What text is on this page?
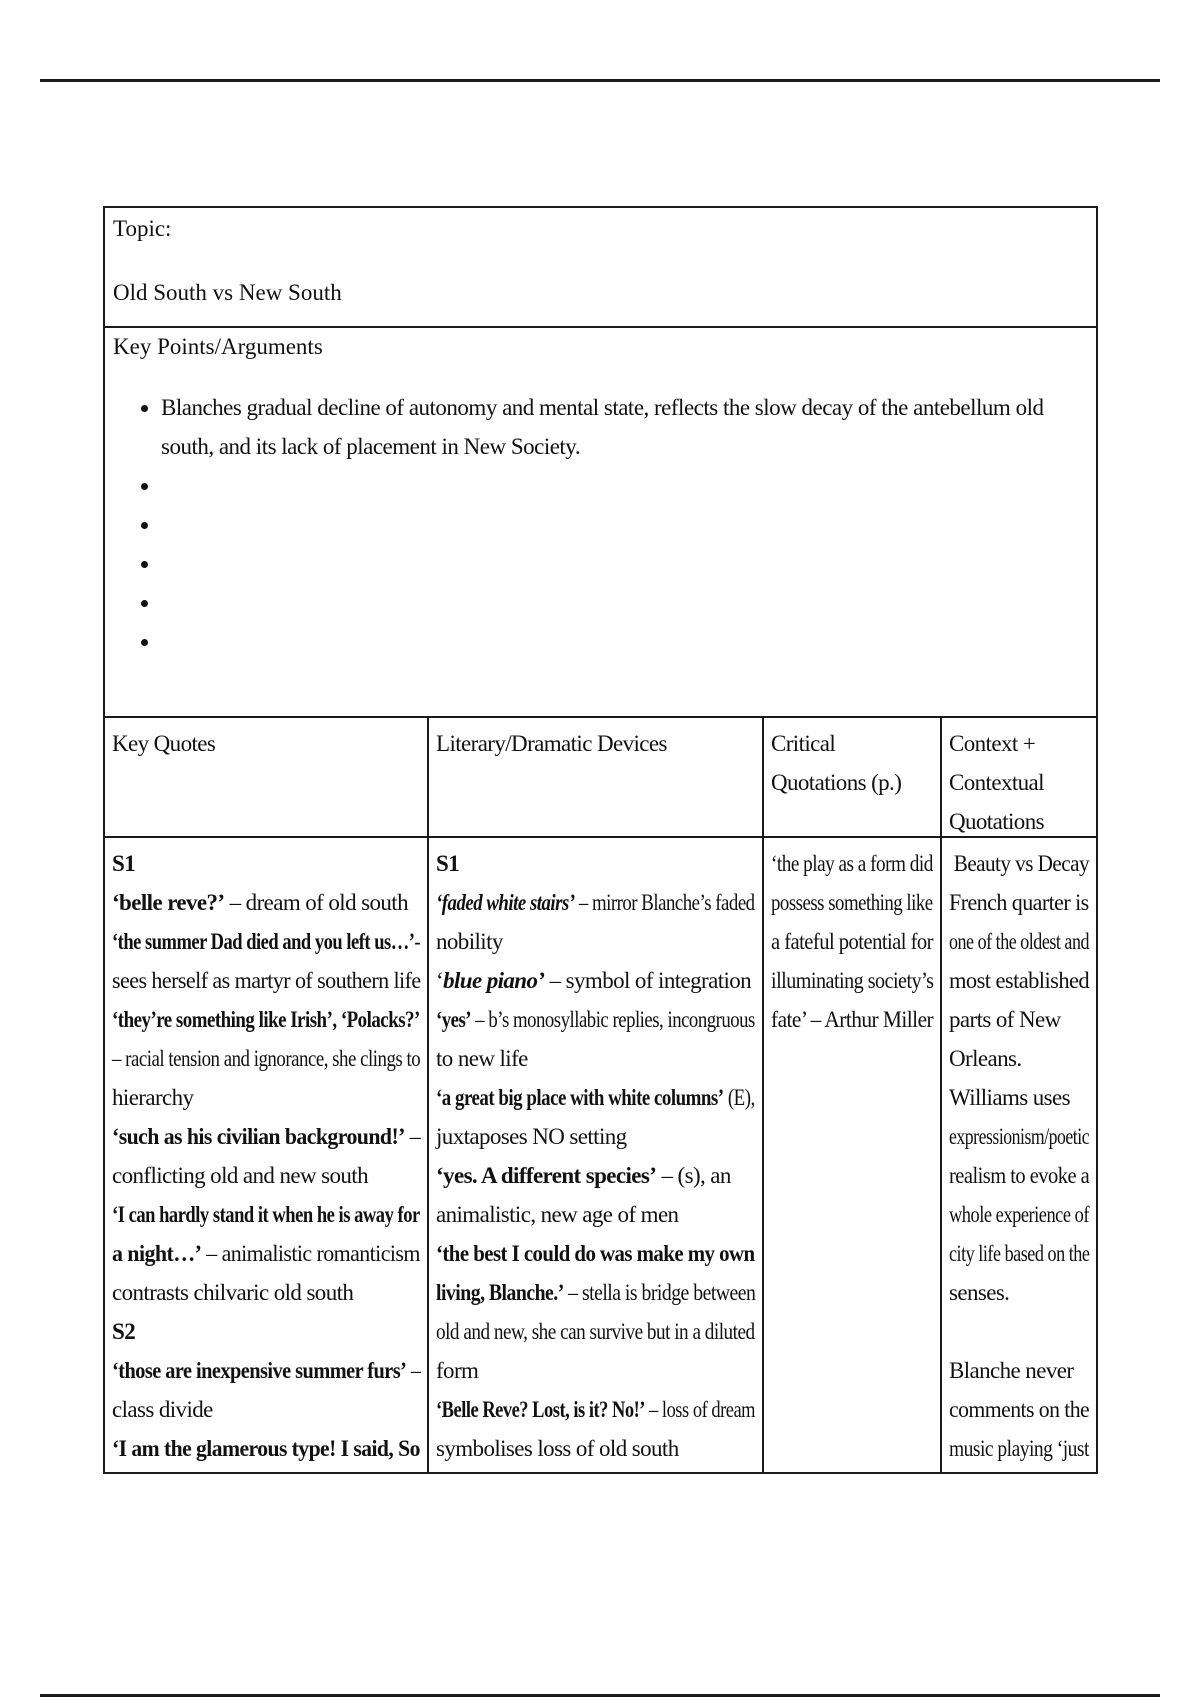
Topic:
Old South vs New South
Key Points/Arguments
• Blanches gradual decline of autonomy and mental state, reflects the slow decay of the antebellum old south, and its lack of placement in New Society.
•
•
•
•
•
Key Quotes	Literary/Dramatic Devices	Critical Quotations (p.)
Context +
Contextual
Quotations
S1
‘belle reve?’ – dream of old south
‘the summer Dad died and you left us…’-
sees herself as martyr of southern life
‘they’re something like Irish’, ‘Polacks?’
– racial tension and ignorance, she clings to
hierarchy
‘such as his civilian background!’ –
conflicting old and new south
‘I can hardly stand it when he is away for
a night…’ – animalistic romanticism
contrasts chilvaric old south
S2
‘those are inexpensive summer furs’ –
class divide
‘I am the glamerous type! I said, So
S1
‘faded white stairs’ – mirror Blanche’s faded
nobility
‘blue piano’ – symbol of integration
‘yes’ – b’s monosyllabic replies, incongruous
to new life
‘a great big place with white columns’ (E),
juxtaposes NO setting
‘yes. A different species’ – (s), an
animalistic, new age of men
‘the best I could do was make my own
living, Blanche.’ – stella is bridge between
old and new, she can survive but in a diluted
form
‘Belle Reve? Lost, is it? No!’ – loss of dream
symbolises loss of old south
‘the play as a form did
possess something like
a fateful potential for
illuminating society’s
fate’ – Arthur Miller
Beauty vs Decay
French quarter is
one of the oldest and
most established
parts of New
Orleans.
Williams uses
expressionism/poetic
realism to evoke a
whole experience of
city life based on the
senses.
Blanche never
comments on the
music playing ‘just
